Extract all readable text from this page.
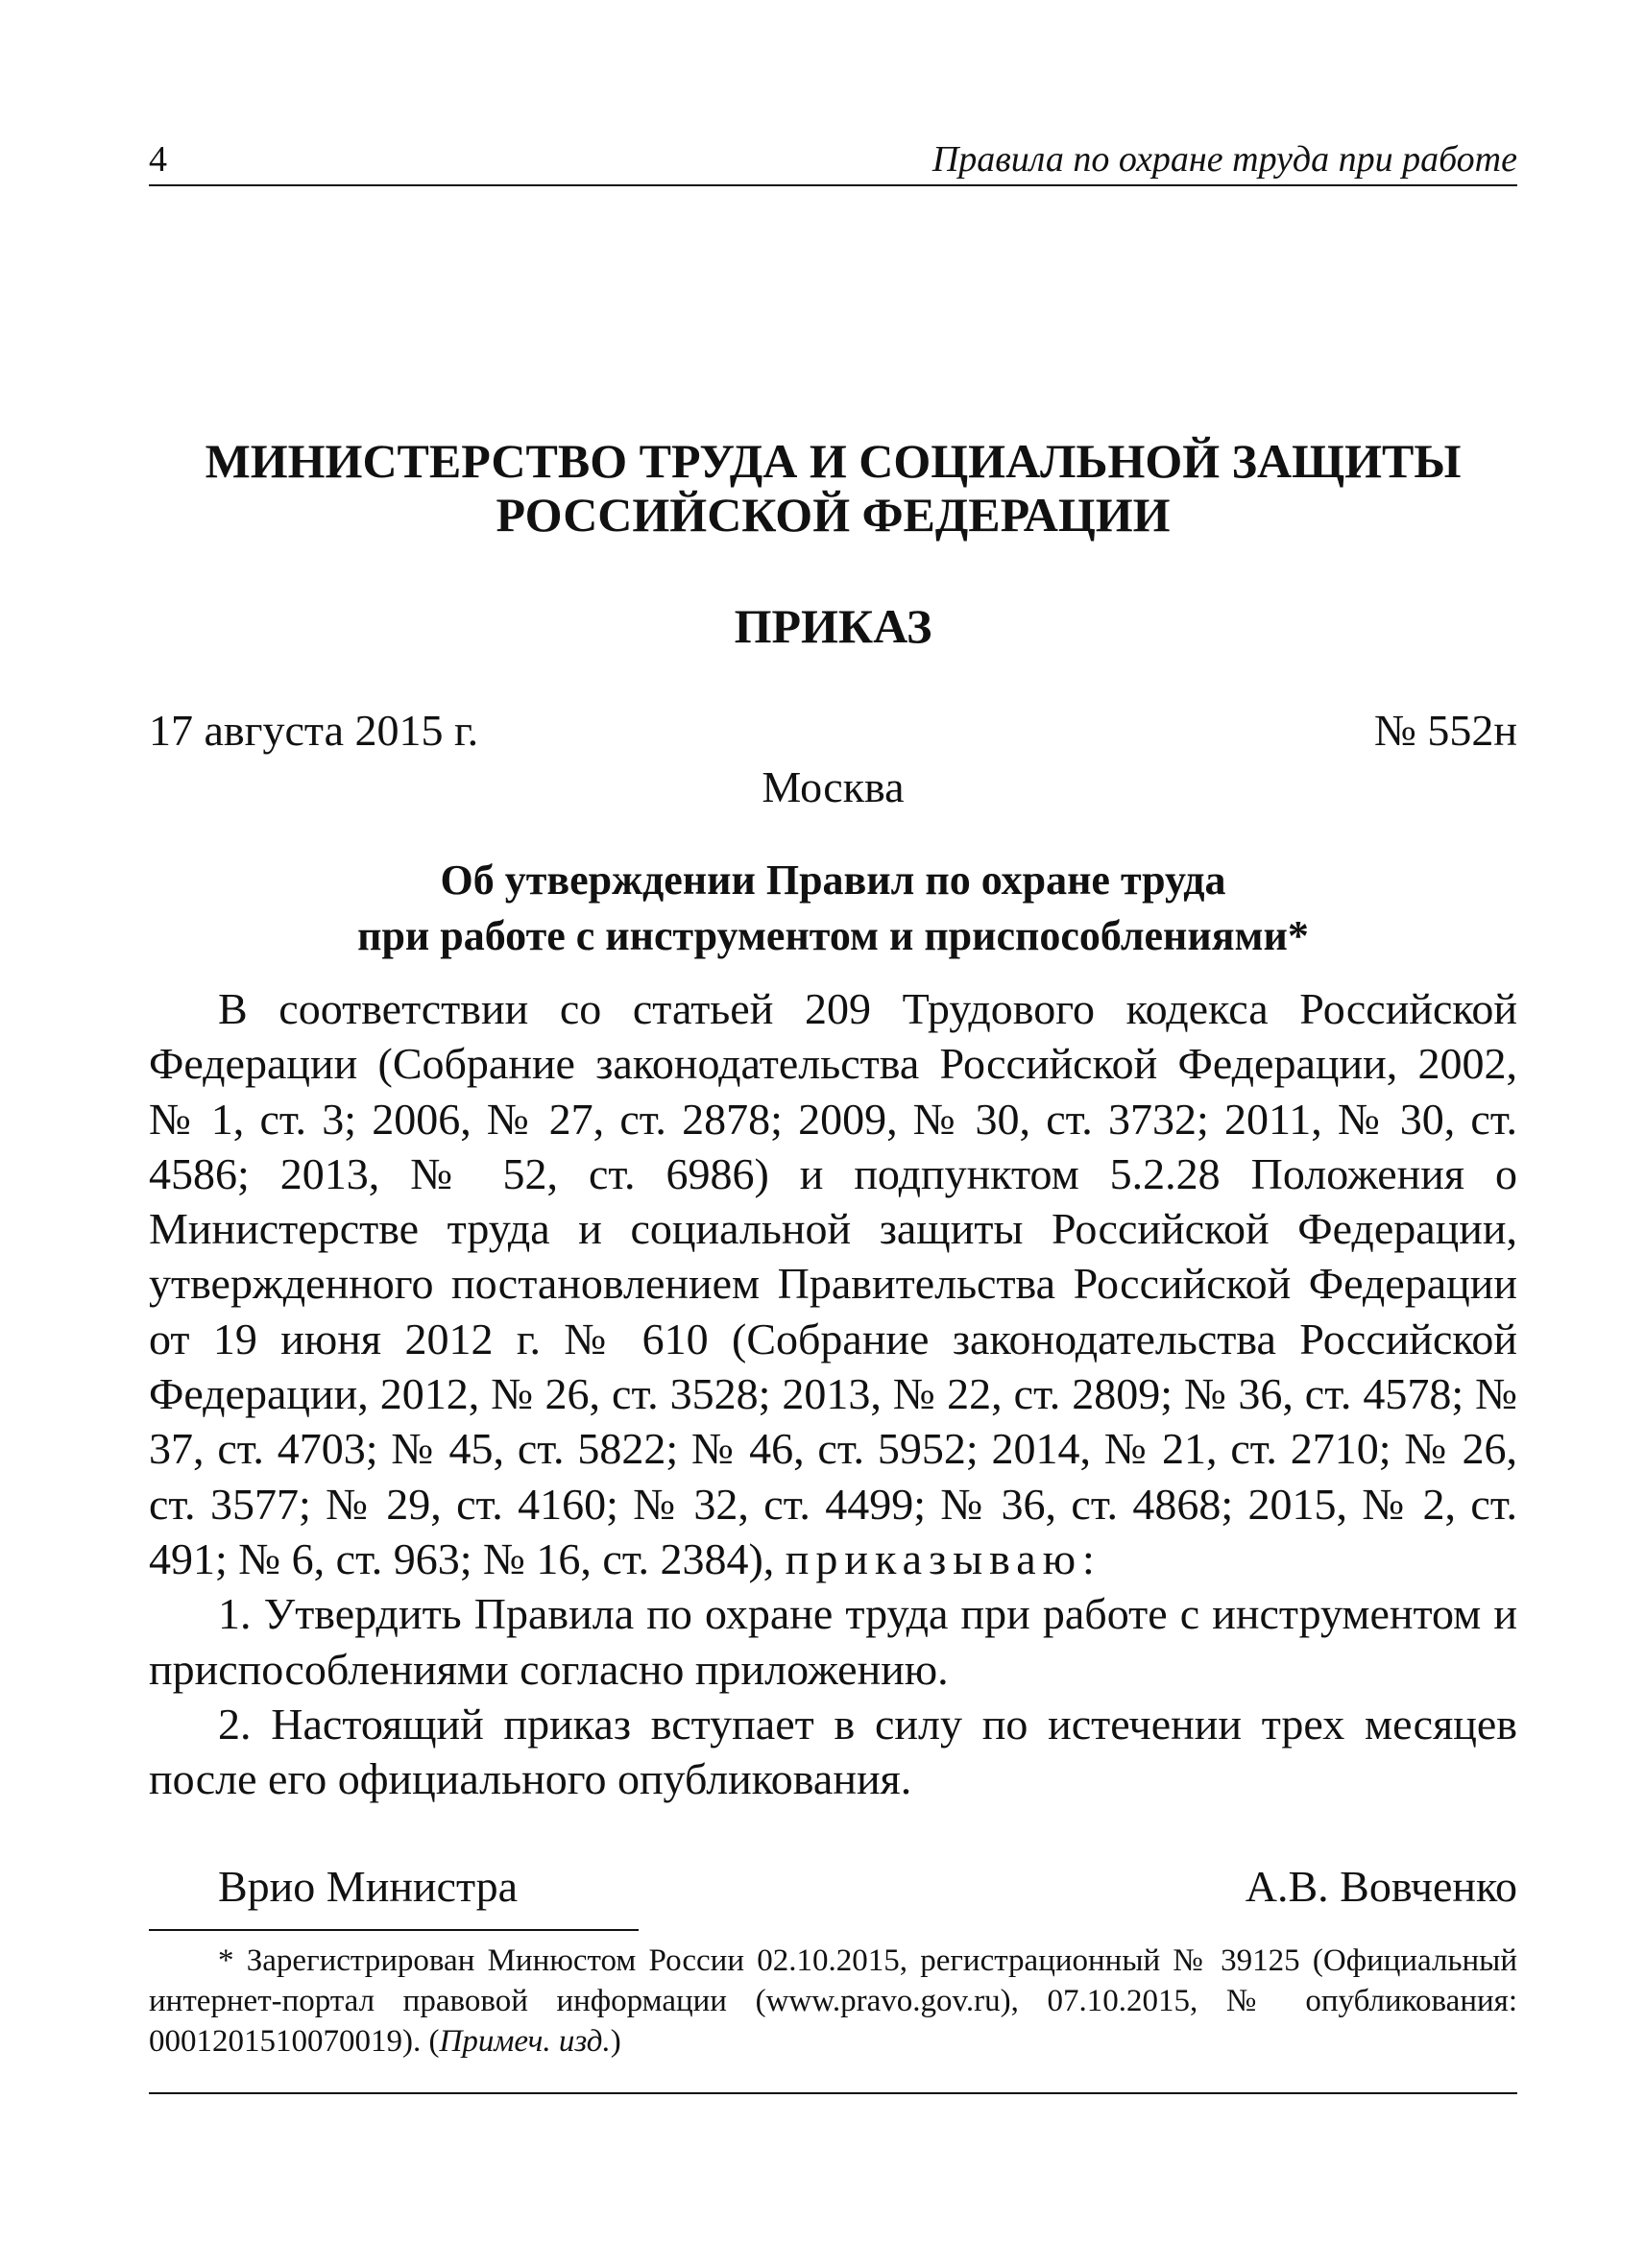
4	Правила по охране труда при работе
МИНИСТЕРСТВО ТРУДА И СОЦИАЛЬНОЙ ЗАЩИТЫ
РОССИЙСКОЙ ФЕДЕРАЦИИ
ПРИКАЗ
17 августа 2015 г.	№ 552н
Москва
Об утверждении Правил по охране труда
при работе с инструментом и приспособлениями*

В соответствии со статьей 209 Трудового кодекса Российской Федерации (Собрание законодательства Российской Федерации, 2002, № 1, ст. 3; 2006, № 27, ст. 2878; 2009, № 30, ст. 3732; 2011, № 30, ст. 4586; 2013, № 52, ст. 6986) и подпунктом 5.2.28 Положения о Министерстве труда и социальной защиты Российской Федерации, утвержденного постановлением Правительства Российской Федерации от 19 июня 2012 г. № 610 (Собрание законодательства Российской Федерации, 2012, № 26, ст. 3528; 2013, № 22, ст. 2809; № 36, ст. 4578; № 37, ст. 4703; № 45, ст. 5822; № 46, ст. 5952; 2014, № 21, ст. 2710; № 26, ст. 3577; № 29, ст. 4160; № 32, ст. 4499; № 36, ст. 4868; 2015, № 2, ст. 491; № 6, ст. 963; № 16, ст. 2384), приказываю:

1. Утвердить Правила по охране труда при работе с инструментом и приспособлениями согласно приложению.

2. Настоящий приказ вступает в силу по истечении трех месяцев после его официального опубликования.

Врио Министра	А.В. Вовченко
* Зарегистрирован Минюстом России 02.10.2015, регистрационный № 39125 (Официальный интернет-портал правовой информации (www.pravo.gov.ru), 07.10.2015, № опубликования: 0001201510070019). (Примеч. изд.)
